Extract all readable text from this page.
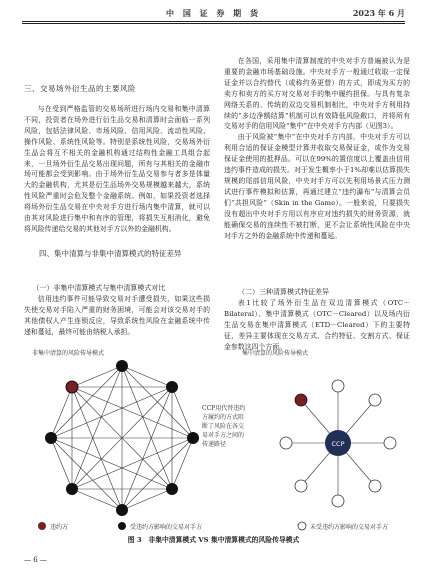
中 国 证 券 期 货	2023 年 6 月
三、交易场外衍生品的主要风险

与在受到严格监管的交易场所进行场内交易和集中清算不同，投资者在场外进行衍生品交易和清算时会面临一系列风险，包括法律风险、市场风险、信用风险、流动性风险、操作风险、系统性风险等。特别是系统性风险，交易场外衍生品会将互不相关的金融机构通过结构性金融工具组合起来，一旦场外衍生品交易出现问题，所有与其相关的金融市场可能都会受到影响。由于场外衍生品交易参与者多是体量大的金融机构，尤其是衍生品场外交易规模越来越大，系统性风险严重时会危及整个金融系统。例如，如果投资者选择将场外衍生品交易在中央对手方进行场内集中清算，就可以由其对风险进行集中和有序的管理，将损失互相消化，避免将风险传递给交易的其他对手方以外的金融机构。

四、集中清算与非集中清算模式的特征差异
（一）非集中清算模式与集中清算模式对比

信用违约事件可能导致交易对手遭受损失，如果这些损失使交易对手陷入严重的财务困境，可能会对该交易对手的其他债权人产生连锁反应，导致系统性风险在金融系统中传递和蔓延，最终可能由纳税人承担。

在各国，采用集中清算制度的中央对手方普遍被认为是重要的金融市场基础设施。中央对手方一般通过收取一定保证金并以合约替代（或称约务更替）的方式，即成为买方的卖方和卖方的买方对交易对手的集中履约担保。与具有复杂网络关系的、传统的双边交易机制相比，中央对手方利用持续的“多边净额结算”机制可以有效降低风险敞口，并将所有交易对手的信用风险“集中”在中央对手方内部（见图3）。

由于风险被“集中”在中央对手方内部，中央对手方可以利用合适的保证金模型计算并收取交易保证金，或作为交易保证金使用的抵押品。可以在99%的置信度以上覆盖由信用违约事件造成的损失。对于发生概率小于1%却难以估算损失规模的尾部信用风险，中央对手方可以先利用场景式压力测试进行事件模拟和估算，再通过建立“违约瀑布”与清算会员们“共担风险”（Skin in the Game）。一般来说，只要损失没有超出中央对手方用以有序应对违约损失的财务资源，就能确保交易的连续性不被打断，更不会让系统性风险在中央对手方之外的金融系统中传递和蔓延。

（二）三种清算模式特征差异

表1比较了场外衍生品在双边清算模式（OTC－Bilateral）、集中清算模式（OTC－Cleared）以及场内衍生品交易在集中清算模式（ETD－Cleared）下的主要特征，差异主要体现在交易方式、合约特征、交割方式、保证金参数这四个方面。

非集中清算的风险传导模式	集中清算的风险传导模式
CCP
CCP用代替违约方履约的方式阻断了风险在各交易对手方之间的传递路径
违约方	受违约方影响的交易对手方	未受违约方影响的交易对手方
图 3　非集中清算模式 VS 集中清算模式的风险传导模式
— 6 —
